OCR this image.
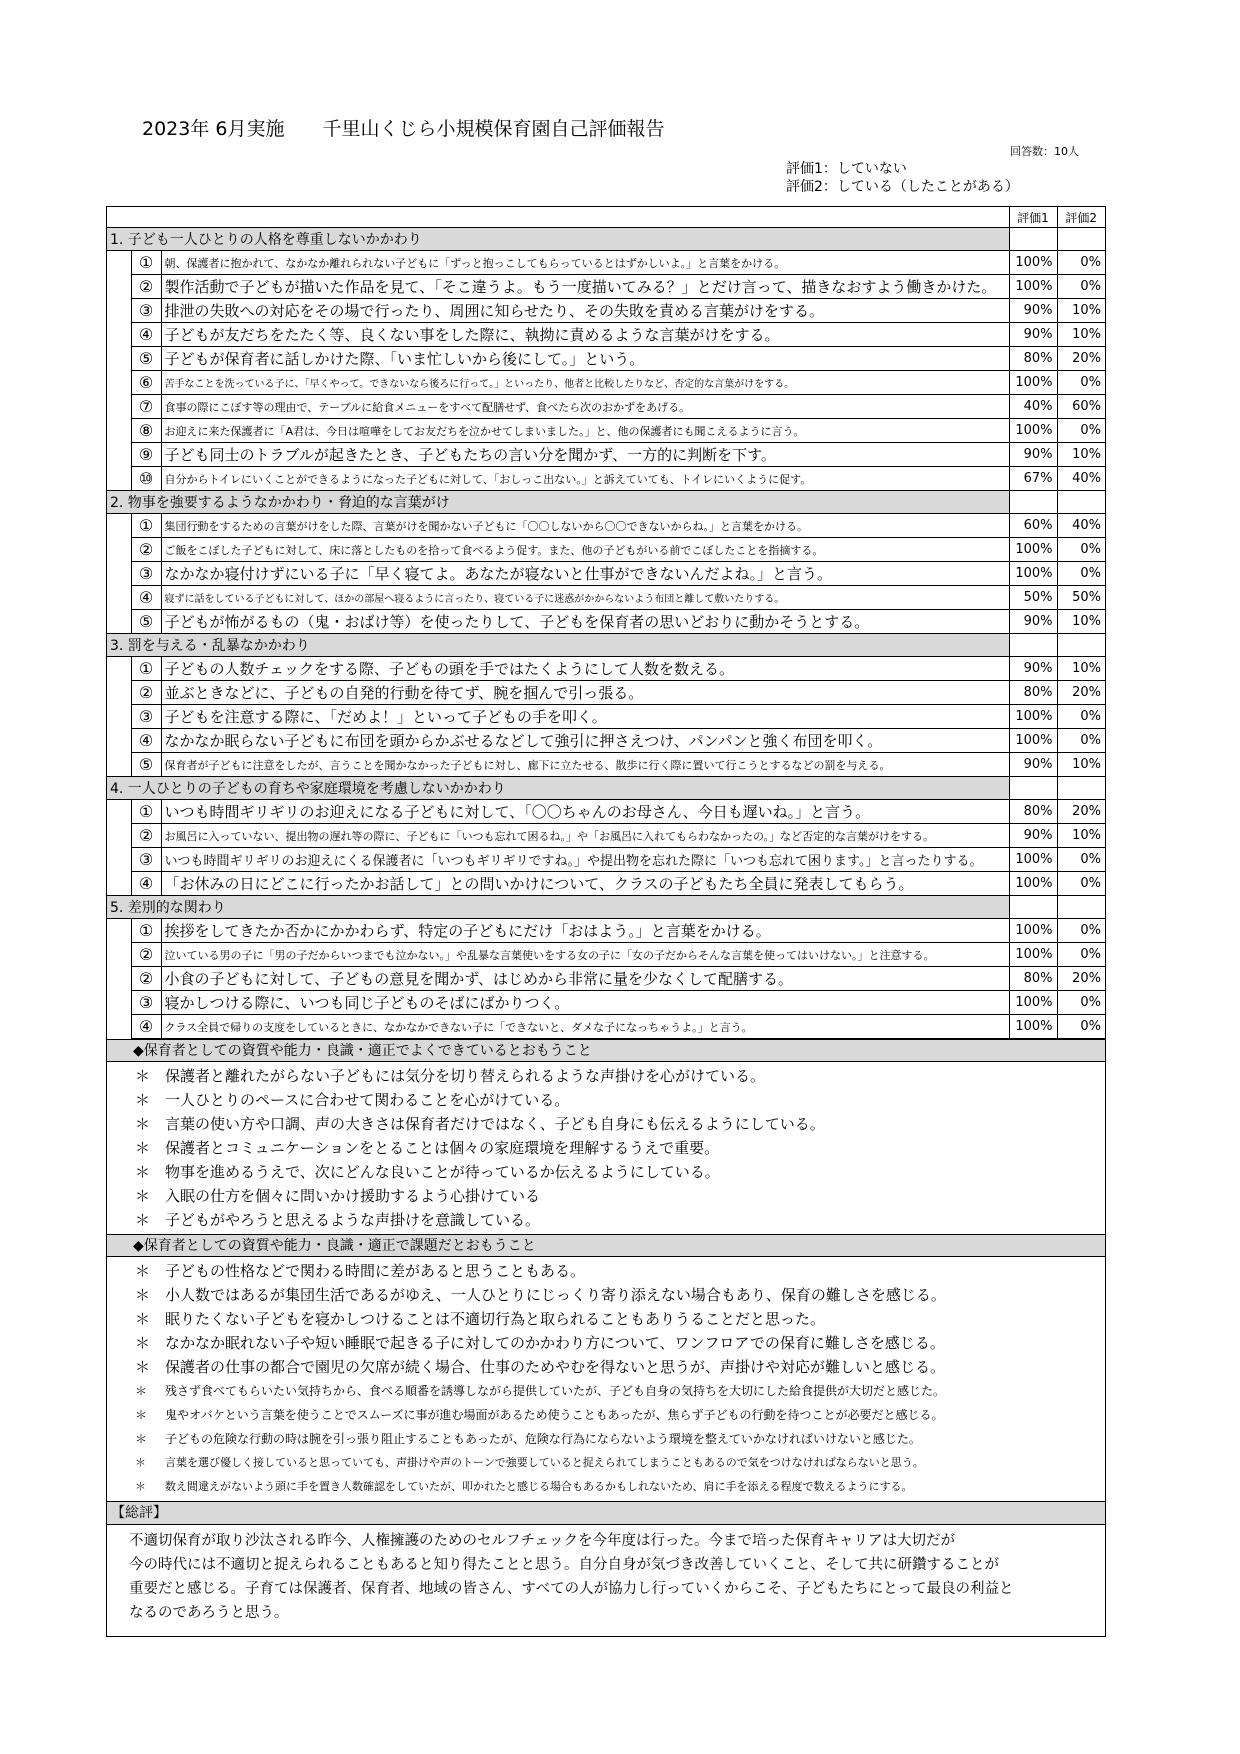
2023年 6月実施　　千里山くじら小規模保育園自己評価報告
回答数：10人
評価1：していない
評価2：している（したことがある）
			評価1	評価2
1. 子ども一人ひとりの人格を尊重しないかかわり				
	①	朝、保護者に抱かれて、なかなか離れられない子どもに「ずっと抱っこしてもらっているとはずかしいよ。」と言葉をかける。	100%	0%
	②	製作活動で子どもが描いた作品を見て、「そこ違うよ。もう一度描いてみる？」とだけ言って、描きなおすよう働きかけた。	100%	0%
	③	排泄の失敗への対応をその場で行ったり、周囲に知らせたり、その失敗を責める言葉がけをする。	90%	10%
	④	子どもが友だちをたたく等、良くない事をした際に、執拗に責めるような言葉がけをする。	90%	10%
	⑤	子どもが保育者に話しかけた際、「いま忙しいから後にして。」という。	80%	20%
	⑥	苦手なことを洗っている子に、「早くやって。できないなら後ろに行って。」といったり、他者と比較したりなど、否定的な言葉がけをする。	100%	0%
	⑦	食事の際にこぼす等の理由で、テーブルに給食メニューをすべて配膳せず、食べたら次のおかずをあげる。	40%	60%
	⑧	お迎えに来た保護者に「A君は、今日は喧嘩をしてお友だちを泣かせてしまいました。」と、他の保護者にも聞こえるように言う。	100%	0%
	⑨	子ども同士のトラブルが起きたとき、子どもたちの言い分を聞かず、一方的に判断を下す。	90%	10%
	⑩	自分からトイレにいくことができるようになった子どもに対して、「おしっこ出ない。」と訴えていても、トイレにいくように促す。	67%	40%
2. 物事を強要するようなかかわり・脅迫的な言葉がけ				
	①	集団行動をするための言葉がけをした際、言葉がけを聞かない子どもに「〇〇しないから〇〇できないからね。」と言葉をかける。	60%	40%
	②	ご飯をこぼした子どもに対して、床に落としたものを拾って食べるよう促す。また、他の子どもがいる前でこぼしたことを指摘する。	100%	0%
	③	なかなか寝付けずにいる子に「早く寝てよ。あなたが寝ないと仕事ができないんだよね。」と言う。	100%	0%
	④	寝ずに話をしている子どもに対して、ほかの部屋へ寝るように言ったり、寝ている子に迷惑がかからないよう布団と離して敷いたりする。	50%	50%
	⑤	子どもが怖がるもの（鬼・おばけ等）を使ったりして、子どもを保育者の思いどおりに動かそうとする。	90%	10%
3. 罰を与える・乱暴なかかわり				
	①	子どもの人数チェックをする際、子どもの頭を手ではたくようにして人数を数える。	90%	10%
	②	並ぶときなどに、子どもの自発的行動を待てず、腕を掴んで引っ張る。	80%	20%
	③	子どもを注意する際に、「だめよ！」といって子どもの手を叩く。	100%	0%
	④	なかなか眠らない子どもに布団を頭からかぶせるなどして強引に押さえつけ、パンパンと強く布団を叩く。	100%	0%
	⑤	保育者が子どもに注意をしたが、言うことを聞かなかった子どもに対し、廊下に立たせる、散歩に行く際に置いて行こうとするなどの罰を与える。	90%	10%
4. 一人ひとりの子どもの育ちや家庭環境を考慮しないかかわり				
	①	いつも時間ギリギリのお迎えになる子どもに対して、「〇〇ちゃんのお母さん、今日も遅いね。」と言う。	80%	20%
	②	お風呂に入っていない、提出物の遅れ等の際に、子どもに「いつも忘れて困るね。」や「お風呂に入れてもらわなかったの。」など否定的な言葉がけをする。	90%	10%
	③	いつも時間ギリギリのお迎えにくる保護者に「いつもギリギリですね。」や提出物を忘れた際に「いつも忘れて困ります。」と言ったりする。	100%	0%
	④	「お休みの日にどこに行ったかお話して」との問いかけについて、クラスの子どもたち全員に発表してもらう。	100%	0%
5. 差別的な関わり				
	①	挨拶をしてきたか否かにかかわらず、特定の子どもにだけ「おはよう。」と言葉をかける。	100%	0%
	②	泣いている男の子に「男の子だからいつまでも泣かない。」や乱暴な言葉使いをする女の子に「女の子だからそんな言葉を使ってはいけない。」と注意する。	100%	0%
	②	小食の子どもに対して、子どもの意見を聞かず、はじめから非常に量を少なくして配膳する。	80%	20%
	③	寝かしつける際に、いつも同じ子どものそばにばかりつく。	100%	0%
	④	クラス全員で帰りの支度をしているときに、なかなかできない子に「できないと、ダメな子になっちゃうよ。」と言う。	100%	0%
◆保育者としての資質や能力・良識・適正でよくできているとおもうこと
＊ 保護者と離れたがらない子どもには気分を切り替えられるような声掛けを心がけている。
＊ 一人ひとりのペースに合わせて関わることを心がけている。
＊ 言葉の使い方や口調、声の大きさは保育者だけではなく、子ども自身にも伝えるようにしている。
＊ 保護者とコミュニケーションをとることは個々の家庭環境を理解するうえで重要。
＊ 物事を進めるうえで、次にどんな良いことが待っているか伝えるようにしている。
＊ 入眠の仕方を個々に問いかけ援助するよう心掛けている
＊ 子どもがやろうと思えるような声掛けを意識している。
◆保育者としての資質や能力・良識・適正で課題だとおもうこと
＊ 子どもの性格などで関わる時間に差があると思うこともある。
＊ 小人数ではあるが集団生活であるがゆえ、一人ひとりにじっくり寄り添えない場合もあり、保育の難しさを感じる。
＊ 眠りたくない子どもを寝かしつけることは不適切行為と取られることもありうることだと思った。
＊ なかなか眠れない子や短い睡眠で起きる子に対してのかかわり方について、ワンフロアでの保育に難しさを感じる。
＊ 保護者の仕事の都合で園児の欠席が続く場合、仕事のためやむを得ないと思うが、声掛けや対応が難しいと感じる。
＊ 残さず食べてもらいたい気持ちから、食べる順番を誘導しながら提供していたが、子ども自身の気持ちを大切にした給食提供が大切だと感じた。
＊ 鬼やオバケという言葉を使うことでスムーズに事が進む場面があるため使うこともあったが、焦らず子どもの行動を待つことが必要だと感じる。
＊ 子どもの危険な行動の時は腕を引っ張り阻止することもあったが、危険な行為にならないよう環境を整えていかなければいけないと感じた。
＊ 言葉を選び優しく接していると思っていても、声掛けや声のトーンで強要していると捉えられてしまうこともあるので気をつけなければならないと思う。
＊ 数え間違えがないよう頭に手を置き人数確認をしていたが、叩かれたと感じる場合もあるかもしれないため、肩に手を添える程度で数えるようにする。
【総評】
不適切保育が取り沙汰される昨今、人権擁護のためのセルフチェックを今年度は行った。今まで培った保育キャリアは大切だが
今の時代には不適切と捉えられることもあると知り得たことと思う。自分自身が気づき改善していくこと、そして共に研鑽することが
重要だと感じる。子育ては保護者、保育者、地域の皆さん、すべての人が協力し行っていくからこそ、子どもたちにとって最良の利益と
なるのであろうと思う。
